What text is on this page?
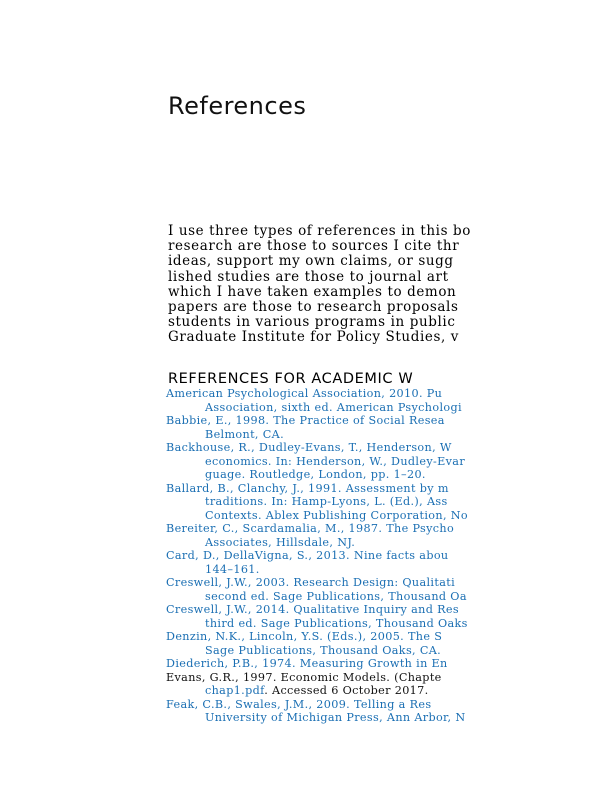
References
I use three types of references in this bo
research are those to sources I cite thr
ideas, support my own claims, or sugg
lished studies are those to journal art
which I have taken examples to demon
papers are those to research proposals
students in various programs in public
Graduate Institute for Policy Studies, v
REFERENCES FOR ACADEMIC W
American Psychological Association, 2010. Pu
Association, sixth ed. American Psychologi
Babbie, E., 1998. The Practice of Social Resea
Belmont, CA.
Backhouse, R., Dudley-Evans, T., Henderson, W
economics. In: Henderson, W., Dudley-Evar
guage. Routledge, London, pp. 1–20.
Ballard, B., Clanchy, J., 1991. Assessment by m
traditions. In: Hamp-Lyons, L. (Ed.), Ass
Contexts. Ablex Publishing Corporation, No
Bereiter, C., Scardamalia, M., 1987. The Psycho
Associates, Hillsdale, NJ.
Card, D., DellaVigna, S., 2013. Nine facts abou
144–161.
Creswell, J.W., 2003. Research Design: Qualitati
second ed. Sage Publications, Thousand Oa
Creswell, J.W., 2014. Qualitative Inquiry and Res
third ed. Sage Publications, Thousand Oaks
Denzin, N.K., Lincoln, Y.S. (Eds.), 2005. The S
Sage Publications, Thousand Oaks, CA.
Diederich, P.B., 1974. Measuring Growth in En
Evans, G.R., 1997. Economic Models. (Chapte
chap1.pdf. Accessed 6 October 2017.
Feak, C.B., Swales, J.M., 2009. Telling a Res
University of Michigan Press, Ann Arbor, N
